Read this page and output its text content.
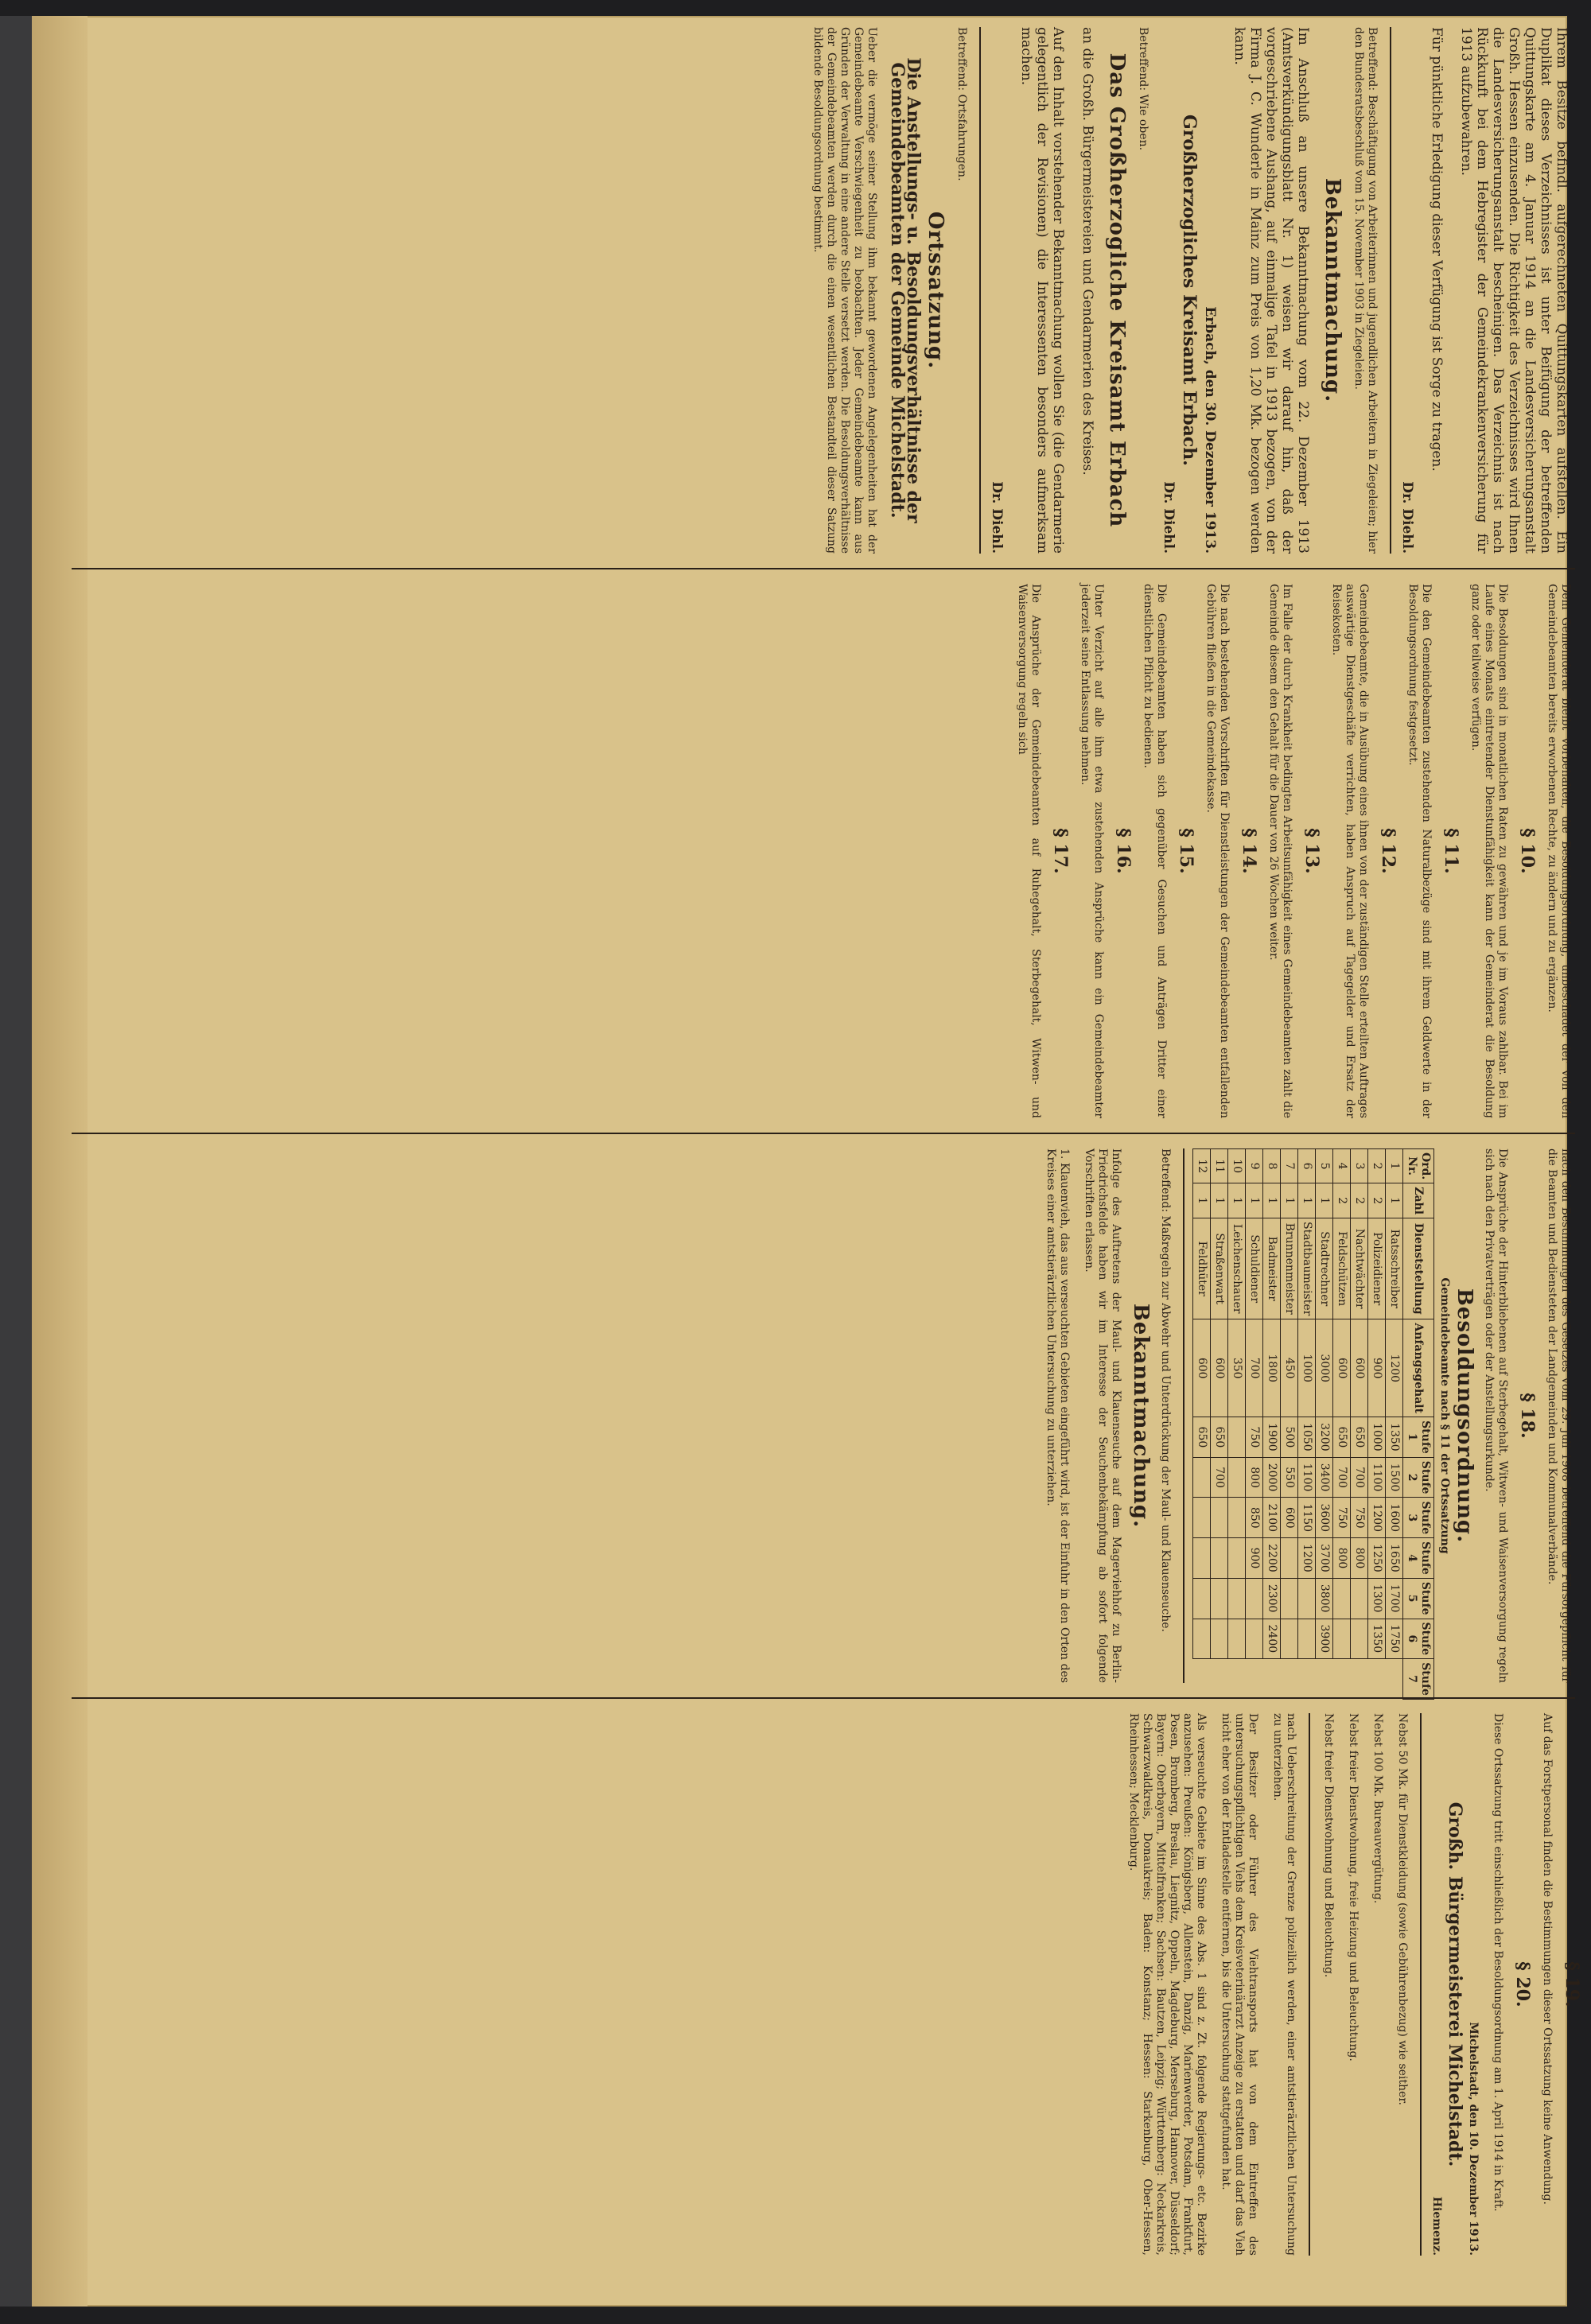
Ihrem Besitze befindl. aufgerechneten Quittungskarten aufstellen. Ein Duplikat dieses Verzeichnisses ist unter Beifügung der betreffenden Quittungskarte am 4. Januar 1914 an die Landesversicherungsanstalt Großh. Hessen einzusenden. Die Richtigkeit des Verzeichnisses wird Ihnen die Landesversicherungsanstalt bescheinigen. Das Verzeichnis ist nach Rückkunft bei dem Hebregister der Gemeindekrankenversicherung für 1913 aufzubewahren.

Für pünktliche Erledigung dieser Verfügung ist Sorge zu tragen.

Dr. Diehl.

Betreffend: Beschäftigung von Arbeiterinnen und jugendlichen Arbeitern in Ziegeleien; hier den Bundesratsbeschluß vom 15. November 1903 in Ziegeleien.

Bekanntmachung.

Im Anschluß an unsere Bekanntmachung vom 22. Dezember 1913 (Amtsverkündigungsblatt Nr. 1) weisen wir darauf hin, daß der vorgeschriebene Aushang, auf einmalige Tafel in 1913 bezogen, von der Firma J. C. Wunderle in Mainz zum Preis von 1,20 Mk. bezogen werden kann.

Erbach, den 30. Dezember 1913.
Großherzogliches Kreisamt Erbach.
Dr. Diehl.

Betreffend: Wie oben.

Das Großherzogliche Kreisamt Erbach

an die Großh. Bürgermeistereien und Gendarmerien des Kreises.

Auf den Inhalt vorstehender Bekanntmachung wollen Sie (die Gendarmerie gelegentlich der Revisionen) die Interessenten besonders aufmerksam machen.

Dr. Diehl.

Betreffend: Ortsfahrungen.

Ortssatzung.
Die Anstellungs- u. Besoldungsverhältnisse der Gemeindebeamten der Gemeinde Michelstadt.

Ueber die vermöge seiner Stellung ihm bekannt gewordenen Angelegenheiten hat der Gemeindebeamte Verschwiegenheit zu beobachten. Jeder Gemeindebeamte kann aus Gründen der Verwaltung in eine andere Stelle versetzt werden. Die Besoldungsverhältnisse der Gemeindebeamten werden durch die einen wesentlichen Bestandteil dieser Satzung bildende Besoldungsordnung bestimmt.

Dem Gemeinderat bleibt vorbehalten, die Besoldungsordnung, unbeschadet der von den Gemeindebeamten bereits erworbenen Rechte, zu ändern und zu ergänzen.

§ 10.

Die Besoldungen sind in monatlichen Raten zu gewähren und je im Voraus zahlbar. Bei im Laufe eines Monats eintretender Dienstunfähigkeit kann der Gemeinderat die Besoldung ganz oder teilweise verfügen.

§ 11.

Die den Gemeindebeamten zustehenden Naturalbezüge sind mit ihrem Geldwerte in der Besoldungsordnung festgesetzt.

§ 12.

Gemeindebeamte, die in Ausübung eines ihnen von der zuständigen Stelle erteilten Auftrages auswärtige Dienstgeschäfte verrichten, haben Anspruch auf Tagegelder und Ersatz der Reisekosten.

§ 13.

Im Falle der durch Krankheit bedingten Arbeitsunfähigkeit eines Gemeindebeamten zahlt die Gemeinde diesem den Gehalt für die Dauer von 26 Wochen weiter.

§ 14.

Die nach bestehenden Vorschriften für Dienstleistungen der Gemeindebeamten entfallenden Gebühren fließen in die Gemeindekasse.

§ 15.

Die Gemeindebeamten haben sich gegenüber Gesuchen und Anträgen Dritter einer dienstlichen Pflicht zu bedienen.

§ 16.

Unter Verzicht auf alle ihm etwa zustehenden Ansprüche kann ein Gemeindebeamter jederzeit seine Entlassung nehmen.

§ 17.

Die Ansprüche der Gemeindebeamten auf Ruhegehalt, Sterbegehalt, Witwen- und Waisenversorgung regeln sich

nach den Bestimmungen des Gesetzes vom 29. Juli 1908 betreffend die Fürsorgepflicht für die Beamten und Bediensteten der Landgemeinden und Kommunalverbände.

§ 18.

Die Ansprüche der Hinterbliebenen auf Sterbegehalt, Witwen- und Waisenversorgung regeln sich nach den Privatverträgen oder der Anstellungsurkunde.

Besoldungsordnung.
Gemeindebeamte nach § 11 der Ortssatzung
Ord. Nr.	Zahl	Dienststellung	Anfangsgehalt	Stufe 1	Stufe 2	Stufe 3	Stufe 4	Stufe 5	Stufe 6	Stufe 7
1	1	Ratsschreiber	1200	1350	1500	1600	1650	1700	1750	
2	2	Polizeidiener	900	1000	1100	1200	1250	1300	1350	
3	2	Nachtwächter	600	650	700	750	800			
4	2	Feldschützen	600	650	700	750	800			
5	1	Stadtrechner	3000	3200	3400	3600	3700	3800	3900	
6	1	Stadtbaumeister	1000	1050	1100	1150	1200			
7	1	Brunnenmeister	450	500	550	600				
8	1	Badmeister	1800	1900	2000	2100	2200	2300	2400	
9	1	Schuldiener	700	750	800	850	900			
10	1	Leichenschauer	350							
11	1	Straßenwart	600	650	700					
12	1	Feldhüter	600	650						

Betreffend: Maßregeln zur Abwehr und Unterdrückung der Maul- und Klauenseuche.

Bekanntmachung.

Infolge des Auftretens der Maul- und Klauenseuche auf dem Magerviehhof zu Berlin-Friedrichsfelde haben wir im Interesse der Seuchenbekämpfung ab sofort folgende Vorschriften erlassen.

1. Klauenvieh, das aus verseuchten Gebieten eingeführt wird, ist der Einfuhr in den Orten des Kreises einer amtstierärztlichen Untersuchung zu unterziehen.

§ 19.

Auf das Forstpersonal finden die Bestimmungen dieser Ortssatzung keine Anwendung.

§ 20.

Diese Ortssatzung tritt einschließlich der Besoldungsordnung am 1. April 1914 in Kraft.

Michelstadt, den 10. Dezember 1913.
Großh. Bürgermeisterei Michelstadt.
Hiemenz.

Nebst 50 Mk. für Dienstkleidung (sowie Gebührenbezug) wie seither.

Nebst 100 Mk. Bureauvergütung.

Nebst freier Dienstwohnung, freie Heizung und Beleuchtung.

Nebst freier Dienstwohnung und Beleuchtung.

nach Ueberschreitung der Grenze polizeilich werden, einer amtstierärztlichen Untersuchung zu unterziehen.

Der Besitzer oder Führer des Viehtransports hat von dem Eintreffen des untersuchungspflichtigen Viehs dem Kreisveterinärarzt Anzeige zu erstatten und darf das Vieh nicht eher von der Entladestelle entfernen, bis die Untersuchung stattgefunden hat.

Als verseuchte Gebiete im Sinne des Abs. 1 sind z. Zt. folgende Regierungs- etc. Bezirke anzusehen: Preußen: Königsberg, Allenstein, Danzig, Marienwerder, Potsdam, Frankfurt, Posen, Bromberg, Breslau, Liegnitz, Oppeln, Magdeburg, Merseburg, Hannover, Düsseldorf; Bayern: Oberbayern, Mittelfranken; Sachsen: Bautzen, Leipzig; Württemberg: Neckarkreis, Schwarzwaldkreis, Donaukreis; Baden: Konstanz; Hessen: Starkenburg, Ober-Hessen, Rheinhessen; Mecklenburg.
